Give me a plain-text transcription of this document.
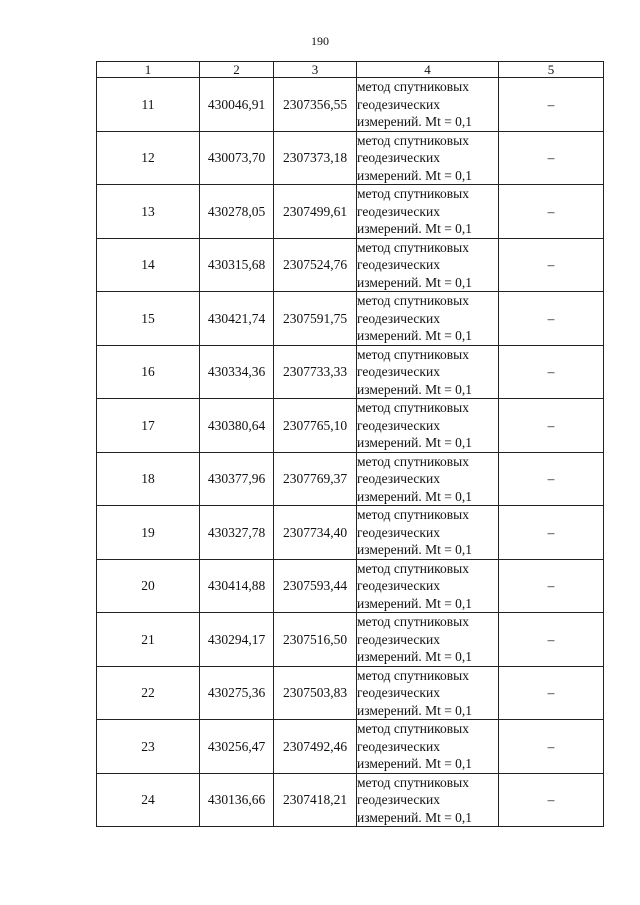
190
1	2	3	4	5
11	430046,91	2307356,55	метод спутниковых
геодезических
измерений. Mt = 0,1	–
12	430073,70	2307373,18	метод спутниковых
геодезических
измерений. Mt = 0,1	–
13	430278,05	2307499,61	метод спутниковых
геодезических
измерений. Mt = 0,1	–
14	430315,68	2307524,76	метод спутниковых
геодезических
измерений. Mt = 0,1	–
15	430421,74	2307591,75	метод спутниковых
геодезических
измерений. Mt = 0,1	–
16	430334,36	2307733,33	метод спутниковых
геодезических
измерений. Mt = 0,1	–
17	430380,64	2307765,10	метод спутниковых
геодезических
измерений. Mt = 0,1	–
18	430377,96	2307769,37	метод спутниковых
геодезических
измерений. Mt = 0,1	–
19	430327,78	2307734,40	метод спутниковых
геодезических
измерений. Mt = 0,1	–
20	430414,88	2307593,44	метод спутниковых
геодезических
измерений. Mt = 0,1	–
21	430294,17	2307516,50	метод спутниковых
геодезических
измерений. Mt = 0,1	–
22	430275,36	2307503,83	метод спутниковых
геодезических
измерений. Mt = 0,1	–
23	430256,47	2307492,46	метод спутниковых
геодезических
измерений. Mt = 0,1	–
24	430136,66	2307418,21	метод спутниковых
геодезических
измерений. Mt = 0,1	–
